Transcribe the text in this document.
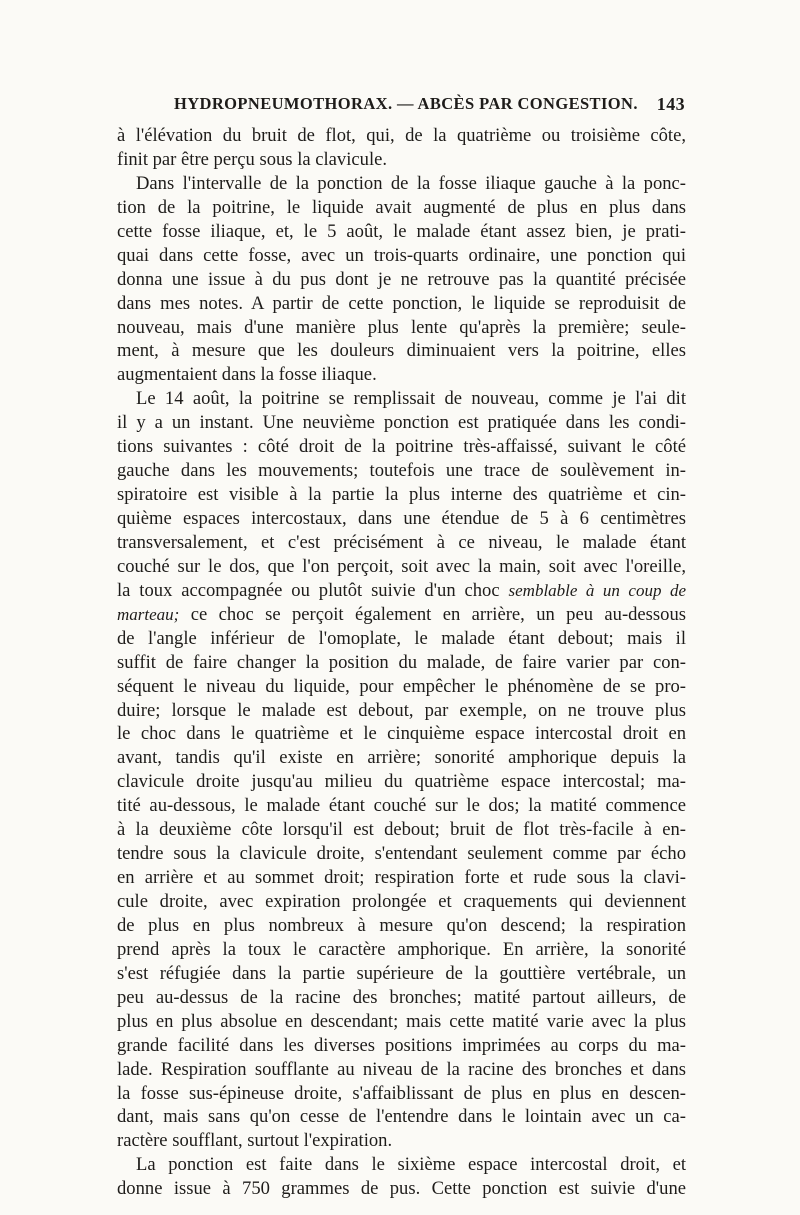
HYDROPNEUMOTHORAX. — ABCÈS PAR CONGESTION. 143
à l'élévation du bruit de flot, qui, de la quatrième ou troisième côte,
finit par être perçu sous la clavicule.
Dans l'intervalle de la ponction de la fosse iliaque gauche à la ponc-
tion de la poitrine, le liquide avait augmenté de plus en plus dans
cette fosse iliaque, et, le 5 août, le malade étant assez bien, je prati-
quai dans cette fosse, avec un trois-quarts ordinaire, une ponction qui
donna une issue à du pus dont je ne retrouve pas la quantité précisée
dans mes notes. A partir de cette ponction, le liquide se reproduisit de
nouveau, mais d'une manière plus lente qu'après la première; seule-
ment, à mesure que les douleurs diminuaient vers la poitrine, elles
augmentaient dans la fosse iliaque.
Le 14 août, la poitrine se remplissait de nouveau, comme je l'ai dit
il y a un instant. Une neuvième ponction est pratiquée dans les condi-
tions suivantes : côté droit de la poitrine très-affaissé, suivant le côté
gauche dans les mouvements; toutefois une trace de soulèvement in-
spiratoire est visible à la partie la plus interne des quatrième et cin-
quième espaces intercostaux, dans une étendue de 5 à 6 centimètres
transversalement, et c'est précisément à ce niveau, le malade étant
couché sur le dos, que l'on perçoit, soit avec la main, soit avec l'oreille,
la toux accompagnée ou plutôt suivie d'un choc semblable à un coup de
marteau; ce choc se perçoit également en arrière, un peu au-dessous
de l'angle inférieur de l'omoplate, le malade étant debout; mais il
suffit de faire changer la position du malade, de faire varier par con-
séquent le niveau du liquide, pour empêcher le phénomène de se pro-
duire; lorsque le malade est debout, par exemple, on ne trouve plus
le choc dans le quatrième et le cinquième espace intercostal droit en
avant, tandis qu'il existe en arrière; sonorité amphorique depuis la
clavicule droite jusqu'au milieu du quatrième espace intercostal; ma-
tité au-dessous, le malade étant couché sur le dos; la matité commence
à la deuxième côte lorsqu'il est debout; bruit de flot très-facile à en-
tendre sous la clavicule droite, s'entendant seulement comme par écho
en arrière et au sommet droit; respiration forte et rude sous la clavi-
cule droite, avec expiration prolongée et craquements qui deviennent
de plus en plus nombreux à mesure qu'on descend; la respiration
prend après la toux le caractère amphorique. En arrière, la sonorité
s'est réfugiée dans la partie supérieure de la gouttière vertébrale, un
peu au-dessus de la racine des bronches; matité partout ailleurs, de
plus en plus absolue en descendant; mais cette matité varie avec la plus
grande facilité dans les diverses positions imprimées au corps du ma-
lade. Respiration soufflante au niveau de la racine des bronches et dans
la fosse sus-épineuse droite, s'affaiblissant de plus en plus en descen-
dant, mais sans qu'on cesse de l'entendre dans le lointain avec un ca-
ractère soufflant, surtout l'expiration.
La ponction est faite dans le sixième espace intercostal droit, et
donne issue à 750 grammes de pus. Cette ponction est suivie d'une
